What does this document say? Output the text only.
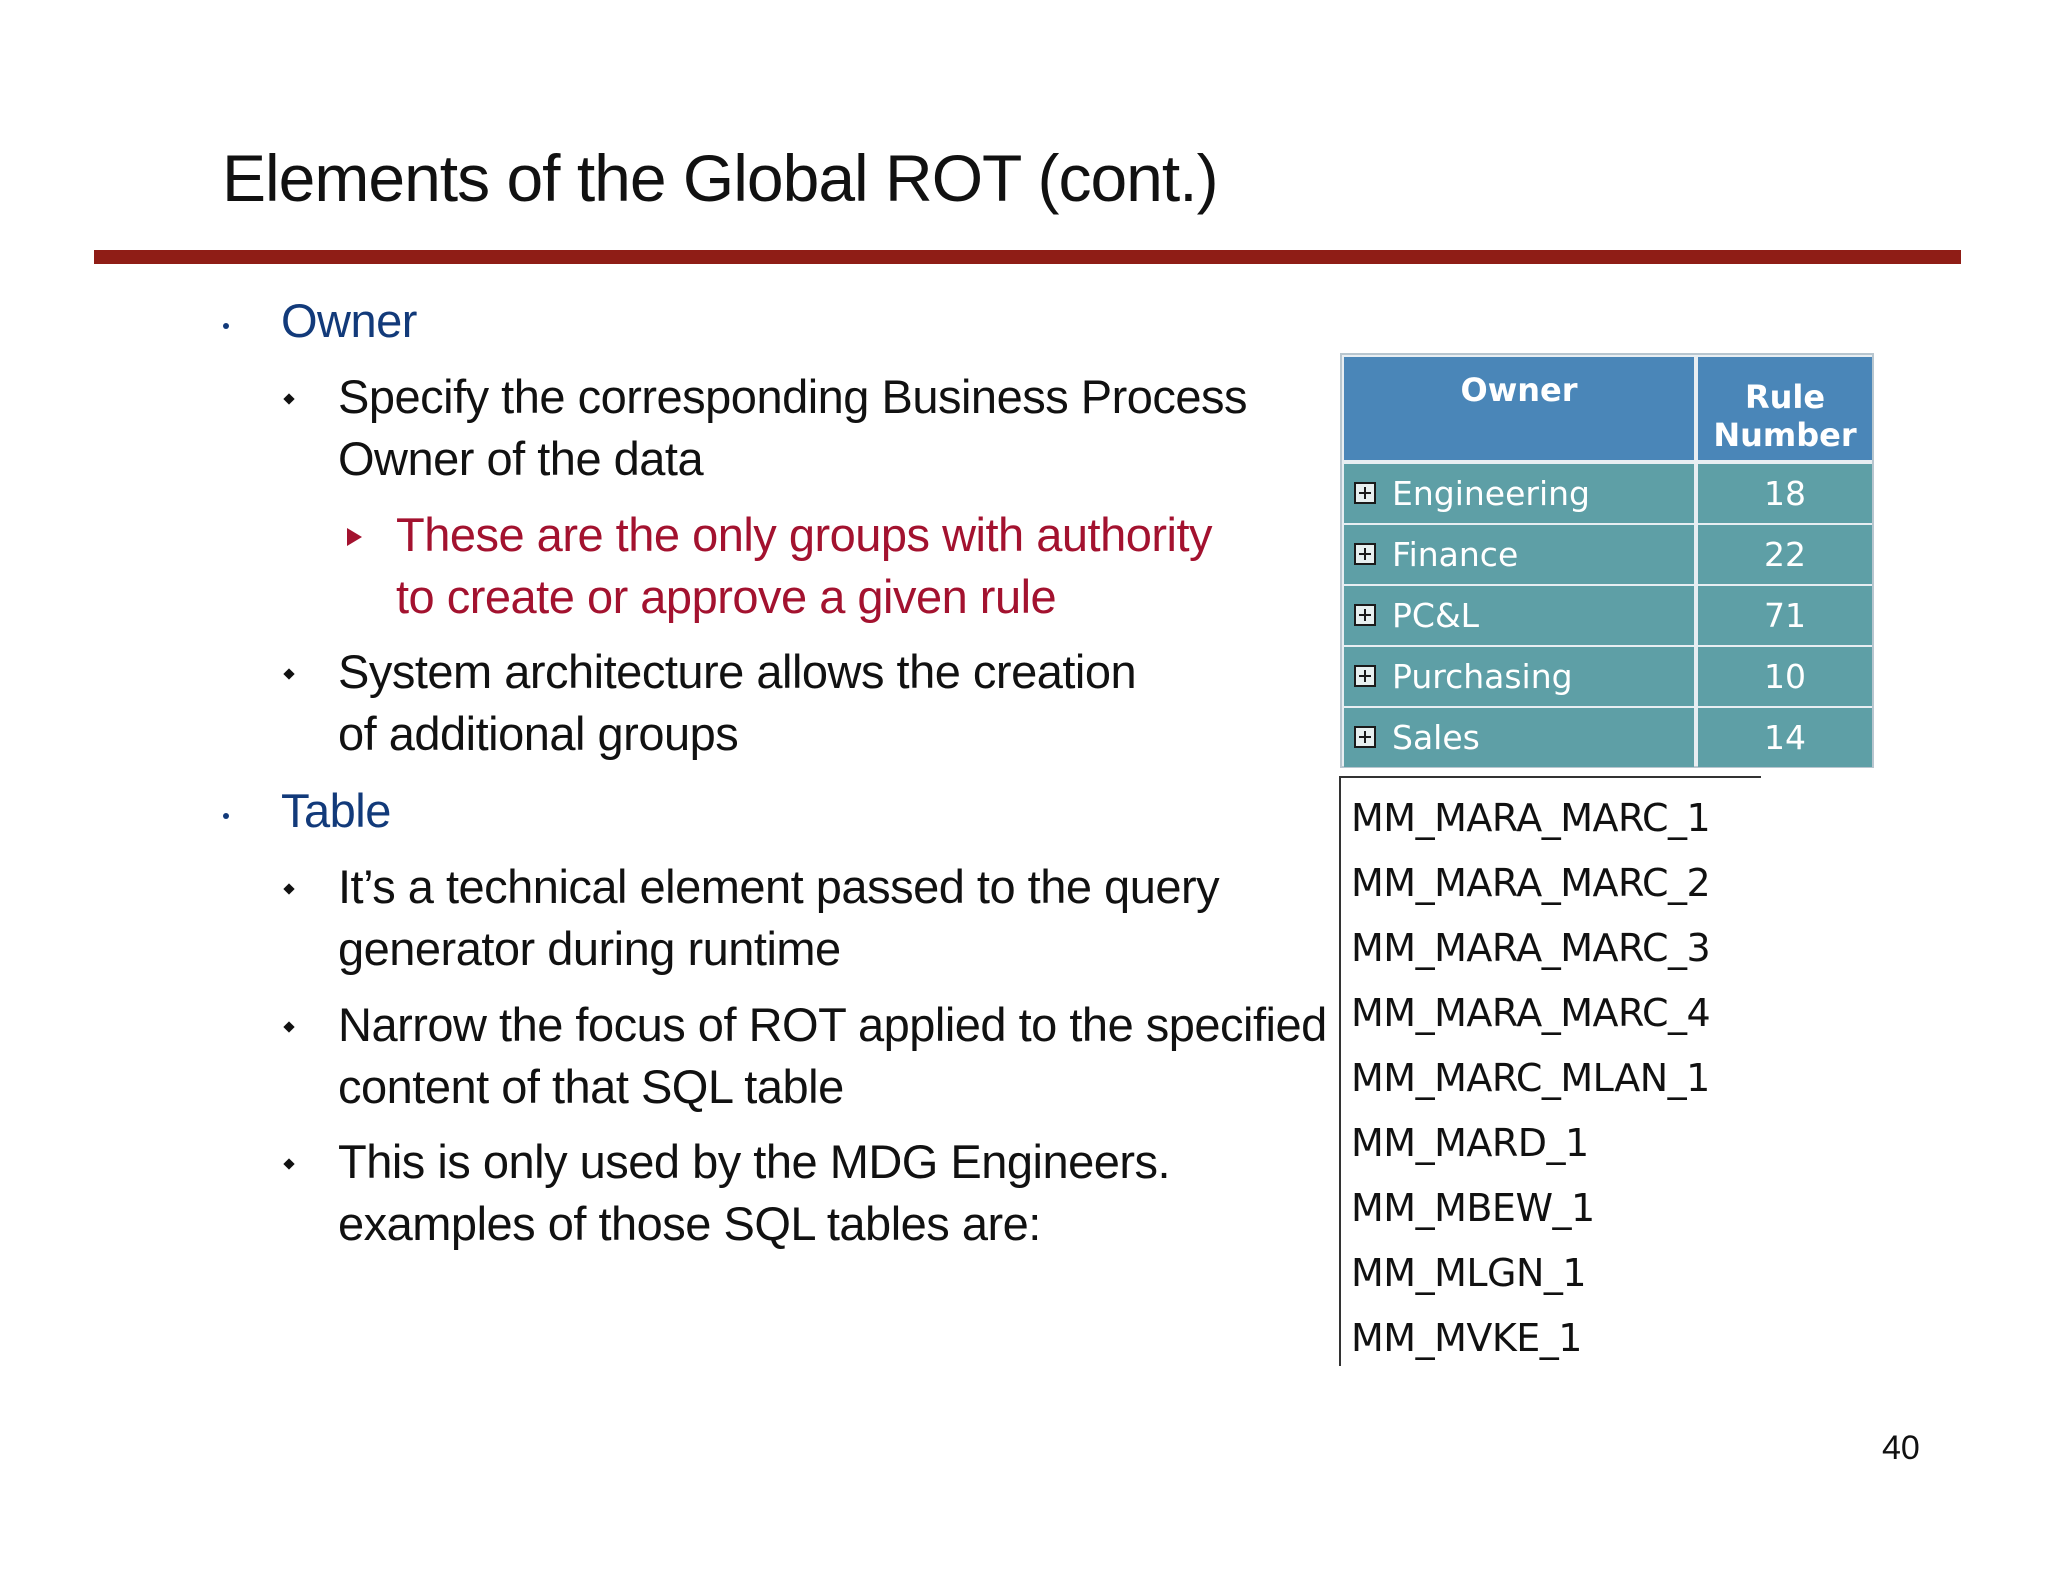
Elements of the Global ROT (cont.)
Owner
Specify the corresponding Business Process
Owner of the data
These are the only groups with authority
to create or approve a given rule
System architecture allows the creation
of additional groups
Table
It’s a technical element passed to the query
generator during runtime
Narrow the focus of ROT applied to the specified
content of that SQL table
This is only used by the MDG Engineers.
examples of those SQL tables are:
Owner	Rule
Number
Engineering	18
Finance	22
PC&L	71
Purchasing	10
Sales	14
MM_MARA_MARC_1
MM_MARA_MARC_2
MM_MARA_MARC_3
MM_MARA_MARC_4
MM_MARC_MLAN_1
MM_MARD_1
MM_MBEW_1
MM_MLGN_1
MM_MVKE_1
40
